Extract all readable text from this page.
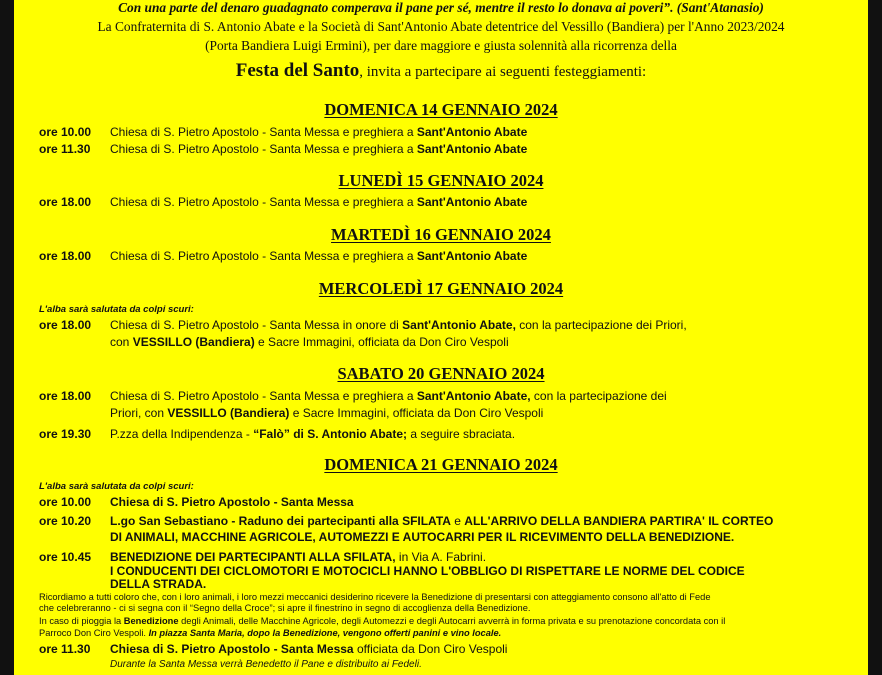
Con una parte del denaro guadagnato comperava il pane per sé, mentre il resto lo donava ai poveri”. (Sant'Atanasio)
La Confraternita di S. Antonio Abate e la Società di Sant'Antonio Abate detentrice del Vessillo (Bandiera) per l'Anno 2023/2024
(Porta Bandiera Luigi Ermini), per dare maggiore e giusta solennità alla ricorrenza della
Festa del Santo, invita a partecipare ai seguenti festeggiamenti:
DOMENICA 14 GENNAIO 2024
ore 10.00 Chiesa di S. Pietro Apostolo - Santa Messa e preghiera a Sant'Antonio Abate
ore 11.30 Chiesa di S. Pietro Apostolo - Santa Messa e preghiera a Sant'Antonio Abate
LUNEDÌ 15 GENNAIO 2024
ore 18.00 Chiesa di S. Pietro Apostolo - Santa Messa e preghiera a Sant'Antonio Abate
MARTEDÌ 16 GENNAIO 2024
ore 18.00 Chiesa di S. Pietro Apostolo - Santa Messa e preghiera a Sant'Antonio Abate
MERCOLEDÌ 17 GENNAIO 2024
L'alba sarà salutata da colpi scuri:
ore 18.00 Chiesa di S. Pietro Apostolo - Santa Messa in onore di Sant'Antonio Abate, con la partecipazione dei Priori,
con VESSILLO (Bandiera) e Sacre Immagini, officiata da Don Ciro Vespoli
SABATO 20 GENNAIO 2024
ore 18.00 Chiesa di S. Pietro Apostolo - Santa Messa e preghiera a Sant'Antonio Abate, con la partecipazione dei
Priori, con VESSILLO (Bandiera) e Sacre Immagini, officiata da Don Ciro Vespoli
ore 19.30 P.zza della Indipendenza - “Falò” di S. Antonio Abate; a seguire sbraciata.
DOMENICA 21 GENNAIO 2024
L'alba sarà salutata da colpi scuri:
ore 10.00 Chiesa di S. Pietro Apostolo - Santa Messa
ore 10.20 L.go San Sebastiano - Raduno dei partecipanti alla SFILATA e ALL'ARRIVO DELLA BANDIERA PARTIRA' IL CORTEO
DI ANIMALI, MACCHINE AGRICOLE, AUTOMEZZI E AUTOCARRI PER IL RICEVIMENTO DELLA BENEDIZIONE.
ore 10.45 BENEDIZIONE DEI PARTECIPANTI ALLA SFILATA, in Via A. Fabrini.
I CONDUCENTI DEI CICLOMOTORI E MOTOCICLI HANNO L'OBBLIGO DI RISPETTARE LE NORME DEL CODICE
DELLA STRADA.
Ricordiamo a tutti coloro che, con i loro animali, i loro mezzi meccanici desiderino ricevere la Benedizione di presentarsi con atteggiamento consono all'atto di Fede
che celebreranno - ci si segna con il “Segno della Croce”; si apre il finestrino in segno di accoglienza della Benedizione.
In caso di pioggia la Benedizione degli Animali, delle Macchine Agricole, degli Automezzi e degli Autocarri avverrà in forma privata e su prenotazione concordata con il
Parroco Don Ciro Vespoli. In piazza Santa Maria, dopo la Benedizione, vengono offerti panini e vino locale.
ore 11.30 Chiesa di S. Pietro Apostolo - Santa Messa officiata da Don Ciro Vespoli
Durante la Santa Messa verrà Benedetto il Pane e distribuito ai Fedeli.
